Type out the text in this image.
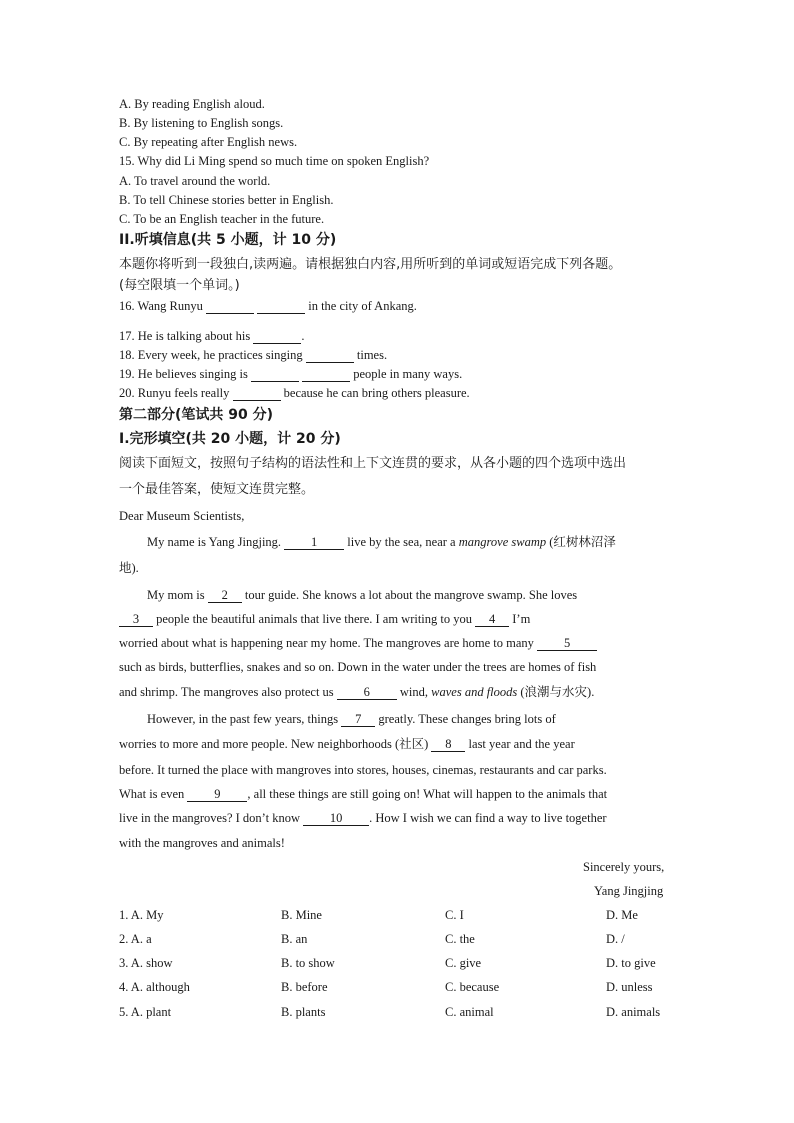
A. By reading English aloud.
B. By listening to English songs.
C. By repeating after English news.
15. Why did Li Ming spend so much time on spoken English?
A. To travel around the world.
B. To tell Chinese stories better in English.
C. To be an English teacher in the future.
II.听填信息(共 5 小题，计 10 分)
本题你将听到一段独白,读两遍。请根据独白内容,用所听到的单词或短语完成下列各题。
(每空限填一个单词。)
16. Wang Runyu	in the city of Ankang.
17. He is talking about his	.
18. Every week, he practices singing	times.
19. He believes singing is	people in many ways.
20. Runyu feels really	because he can bring others pleasure.
第二部分(笔试共 90 分)
I.完形填空(共 20 小题，计 20 分)
阅读下面短文，按照句子结构的语法性和上下文连贯的要求，从各小题的四个选项中选出
一个最佳答案，使短文连贯完整。
Dear Museum Scientists,
My name is Yang Jingjing. 1 live by the sea, near a mangrove swamp (红树林沼泽
地).
My mom is 2 tour guide. She knows a lot about the mangrove swamp. She loves
3 people the beautiful animals that live there. I am writing to you 4 I’m
worried about what is happening near my home. The mangroves are home to many 5
such as birds, butterflies, snakes and so on. Down in the water under the trees are homes of fish
and shrimp. The mangroves also protect us 6 wind, waves and floods (浪潮与水灾).
However, in the past few years, things 7 greatly. These changes bring lots of
worries to more and more people. New neighborhoods (社区) 8 last year and the year
before. It turned the place with mangroves into stores, houses, cinemas, restaurants and car parks.
What is even 9 , all these things are still going on! What will happen to the animals that
live in the mangroves? I don’t know 10 . How I wish we can find a way to live together
with the mangroves and animals!
Sincerely yours,
Yang Jingjing
1. A. My	B. Mine	C. I	D. Me
2. A. a	B. an	C. the	D. /
3. A. show	B. to show	C. give	D. to give
4. A. although	B. before	C. because	D. unless
5. A. plant	B. plants	C. animal	D. animals
